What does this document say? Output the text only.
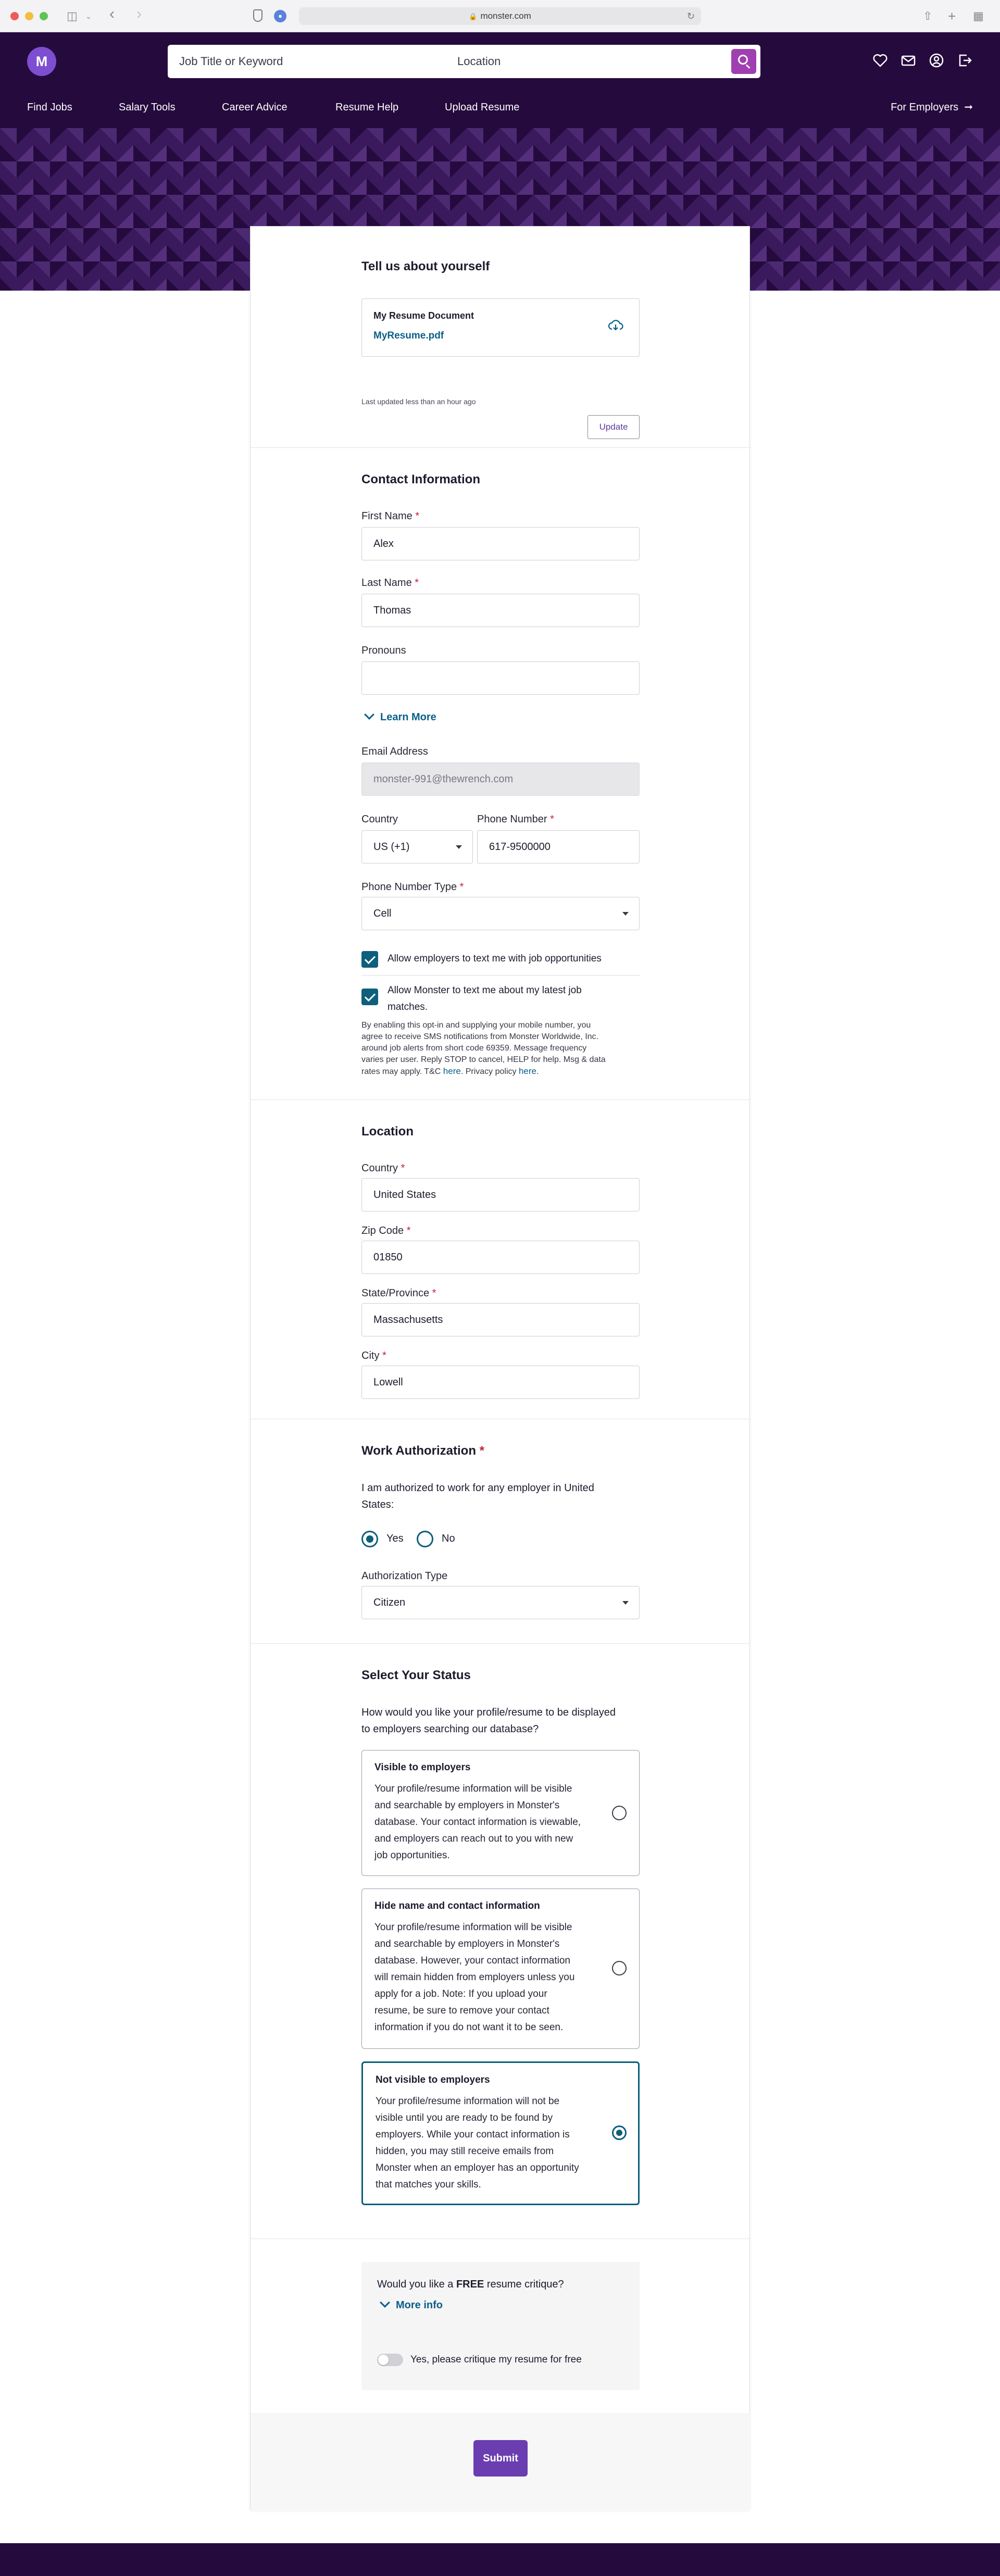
◫ ⌄ ‹ ›	●	🔒 monster.com	↻	⇧ + ▦
M	Job Title or Keyword	Location
Find Jobs	Salary Tools	Career Advice	Resume Help	Upload Resume	For Employers ➞
Tell us about yourself
My Resume Document
MyResume.pdf
Last updated less than an hour ago
Update
Contact Information
First Name *
Alex
Last Name *
Thomas
Pronouns
Learn More
Email Address
monster-991@thewrench.com
Country
US (+1)
Phone Number *
617-9500000
Phone Number Type *
Cell
Allow employers to text me with job opportunities
Allow Monster to text me about my latest job
matches.
By enabling this opt-in and supplying your mobile number, you
agree to receive SMS notifications from Monster Worldwide, Inc.
around job alerts from short code 69359. Message frequency
varies per user. Reply STOP to cancel, HELP for help. Msg & data
rates may apply. T&C here. Privacy policy here.
Location
Country *
United States
Zip Code *
01850
State/Province *
Massachusetts
City *
Lowell
Work Authorization *
I am authorized to work for any employer in United
States:
Yes	No
Authorization Type
Citizen
Select Your Status
How would you like your profile/resume to be displayed
to employers searching our database?
Visible to employers
Your profile/resume information will be visible
and searchable by employers in Monster's
database. Your contact information is viewable,
and employers can reach out to you with new
job opportunities.
Hide name and contact information
Your profile/resume information will be visible
and searchable by employers in Monster's
database. However, your contact information
will remain hidden from employers unless you
apply for a job. Note: If you upload your
resume, be sure to remove your contact
information if you do not want it to be seen.
Not visible to employers
Your profile/resume information will not be
visible until you are ready to be found by
employers. While your contact information is
hidden, you may still receive emails from
Monster when an employer has an opportunity
that matches your skills.
Would you like a FREE resume critique?
More info
Yes, please critique my resume for free
Submit
